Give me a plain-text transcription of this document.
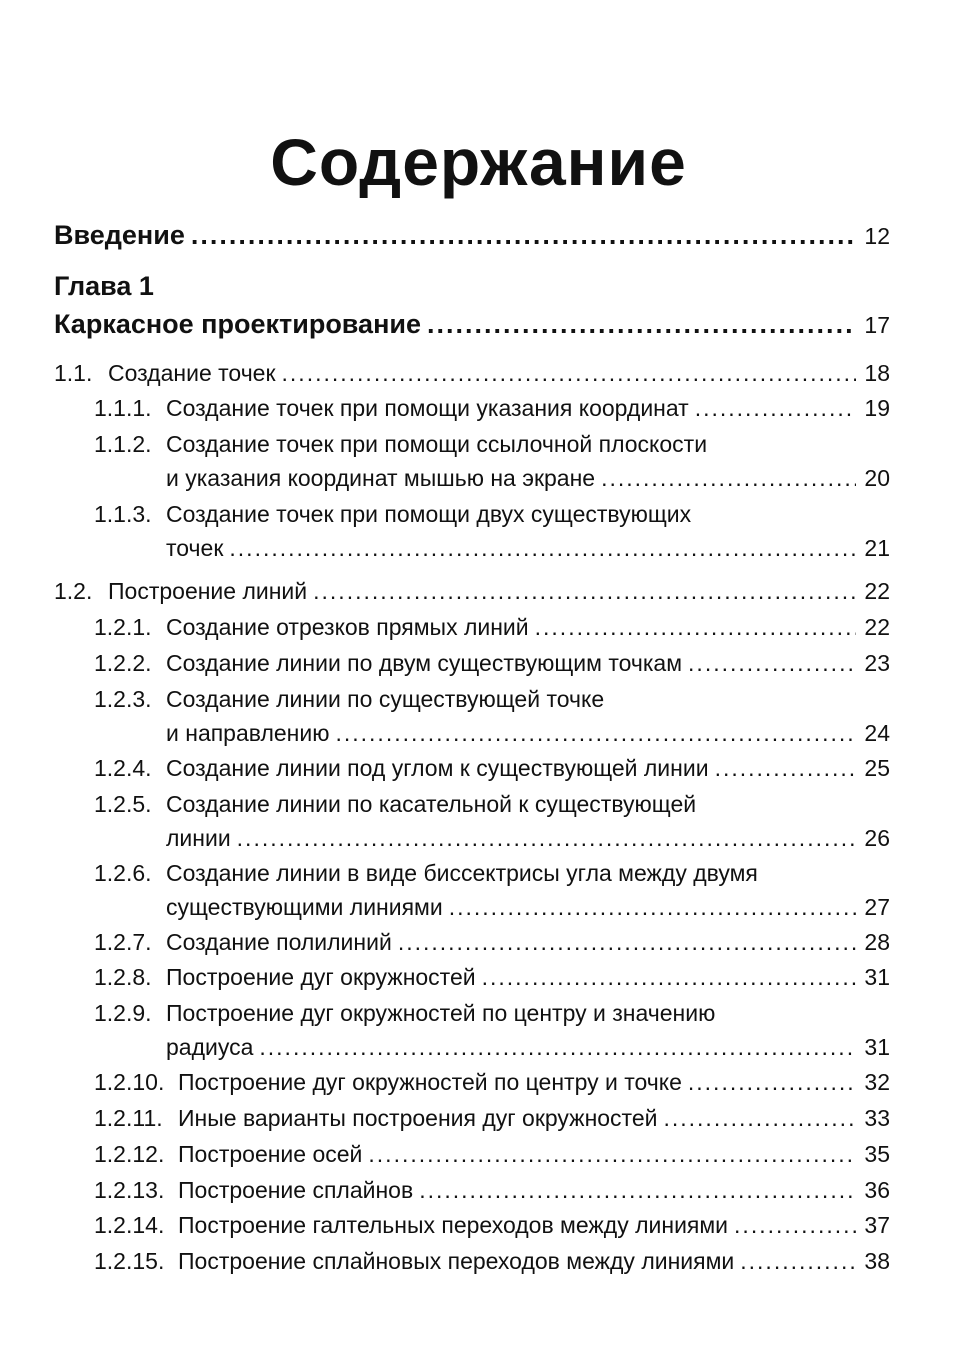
Содержание
Введение .....	12
Глава 1
Каркасное проектирование .....	17
1.1. Создание точек .....	18
1.1.1. Создание точек при помощи указания координат .....	19
1.1.2. Создание точек при помощи ссылочной плоскости
и указания координат мышью на экране .....	20
1.1.3. Создание точек при помощи двух существующих
точек .....	21
1.2. Построение линий .....	22
1.2.1. Создание отрезков прямых линий .....	22
1.2.2. Создание линии по двум существующим точкам .....	23
1.2.3. Создание линии по существующей точке
и направлению .....	24
1.2.4. Создание линии под углом к существующей линии .....	25
1.2.5. Создание линии по касательной к существующей
линии .....	26
1.2.6. Создание линии в виде биссектрисы угла между двумя
существующими линиями .....	27
1.2.7. Создание полилиний .....	28
1.2.8. Построение дуг окружностей .....	31
1.2.9. Построение дуг окружностей по центру и значению
радиуса .....	31
1.2.10. Построение дуг окружностей по центру и точке .....	32
1.2.11. Иные варианты построения дуг окружностей .....	33
1.2.12. Построение осей .....	35
1.2.13. Построение сплайнов .....	36
1.2.14. Построение галтельных переходов между линиями .....	37
1.2.15. Построение сплайновых переходов между линиями .....	38
